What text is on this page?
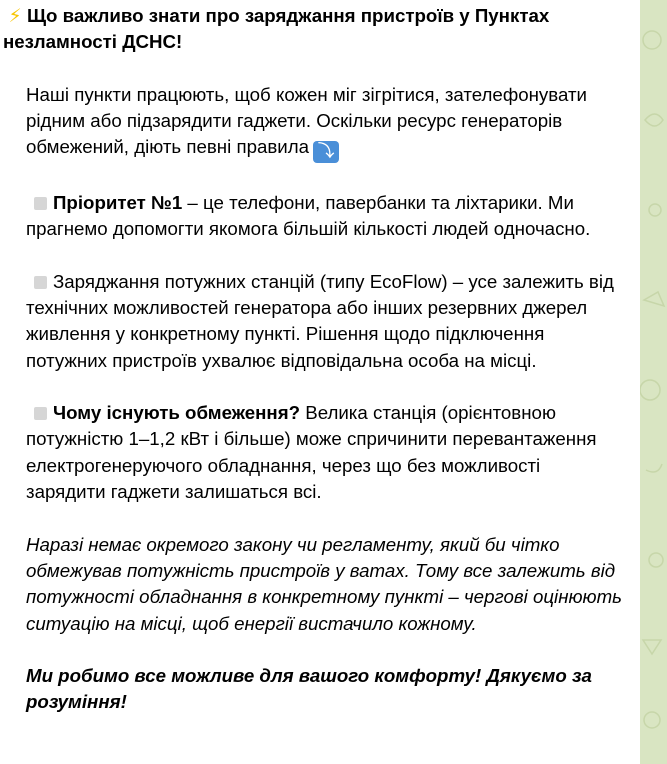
⚡ Що важливо знати про заряджання пристроїв у Пунктах незламності ДСНС!

Наші пункти працюють, щоб кожен міг зігрітися, зателефонувати рідним або підзарядити гаджети. Оскільки ресурс генераторів обмежений, діють певні правила ⤵

Пріоритет №1 – це телефони, павербанки та ліхтарики. Ми прагнемо допомогти якомога більшій кількості людей одночасно.

Заряджання потужних станцій (типу EcoFlow) – усе залежить від технічних можливостей генератора або інших резервних джерел живлення у конкретному пункті. Рішення щодо підключення потужних пристроїв ухвалює відповідальна особа на місці.

Чому існують обмеження? Велика станція (орієнтовною потужністю 1–1,2 кВт і більше) може спричинити перевантаження електрогенеруючого обладнання, через що без можливості зарядити гаджети залишаться всі.

Наразі немає окремого закону чи регламенту, який би чітко обмежував потужність пристроїв у ватах. Тому все залежить від потужності обладнання в конкретному пункті – чергові оцінюють ситуацію на місці, щоб енергії вистачило кожному.

Ми робимо все можливе для вашого комфорту! Дякуємо за розуміння!
